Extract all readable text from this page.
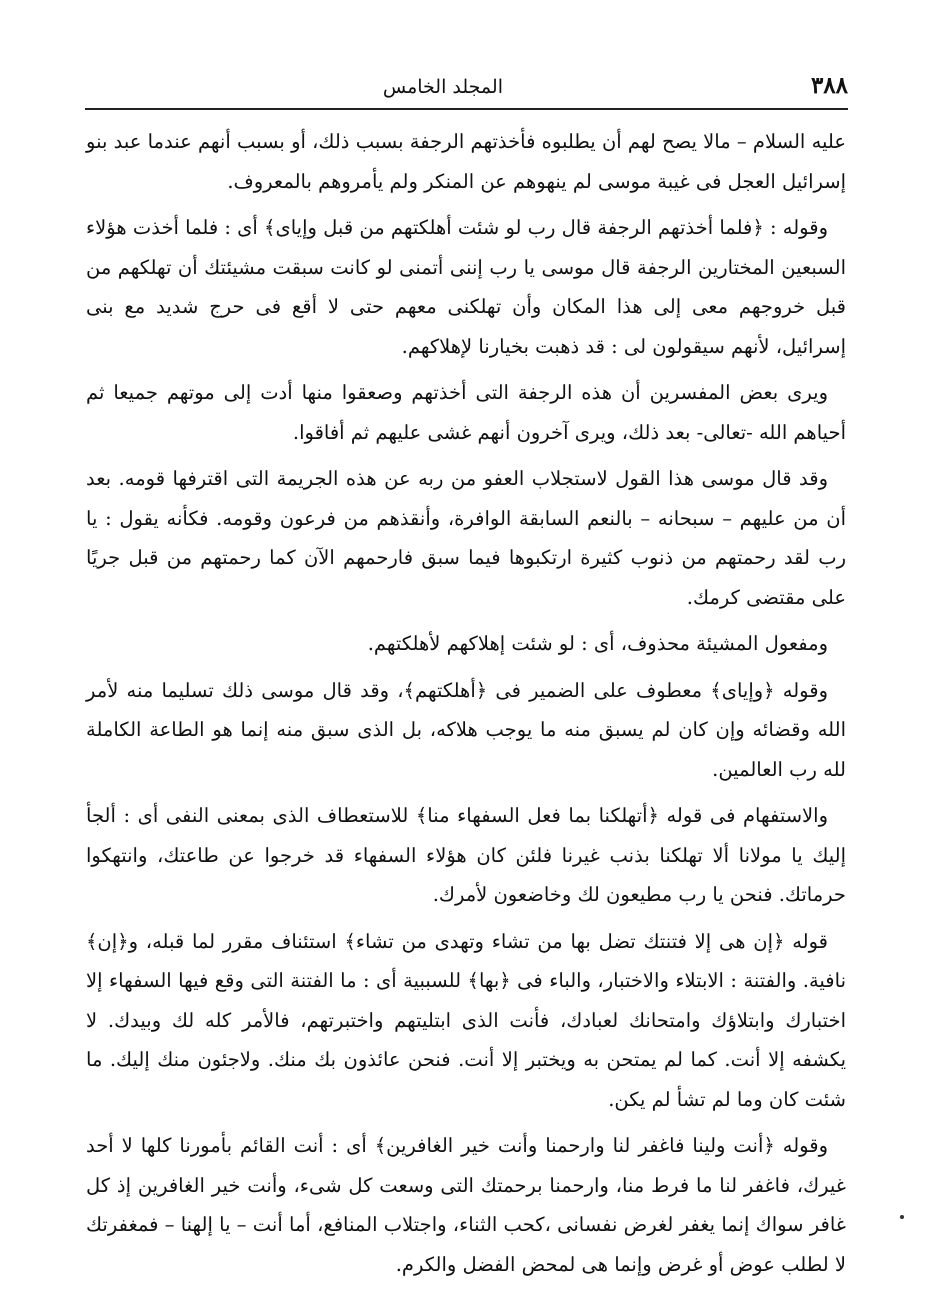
٣٨٨
المجلد الخامس

عليه السلام – مالا يصح لهم أن يطلبوه فأخذتهم الرجفة بسبب ذلك، أو بسبب أنهم عندما عبد بنو إسرائيل العجل فى غيبة موسى لم ينهوهم عن المنكر ولم يأمروهم بالمعروف.

وقوله : ﴿فلما أخذتهم الرجفة قال رب لو شئت أهلكتهم من قبل وإياى﴾ أى : فلما أخذت هؤلاء السبعين المختارين الرجفة قال موسى يا رب إننى أتمنى لو كانت سبقت مشيئتك أن تهلكهم من قبل خروجهم معى إلى هذا المكان وأن تهلكنى معهم حتى لا أقع فى حرج شديد مع بنى إسرائيل، لأنهم سيقولون لى : قد ذهبت بخيارنا لإهلاكهم.

ويرى بعض المفسرين أن هذه الرجفة التى أخذتهم وصعقوا منها أدت إلى موتهم جميعا ثم أحياهم الله -تعالى- بعد ذلك، ويرى آخرون أنهم غشى عليهم ثم أفاقوا.

وقد قال موسى هذا القول لاستجلاب العفو من ربه عن هذه الجريمة التى اقترفها قومه. بعد أن من عليهم – سبحانه – بالنعم السابقة الوافرة، وأنقذهم من فرعون وقومه. فكأنه يقول : يا رب لقد رحمتهم من ذنوب كثيرة ارتكبوها فيما سبق فارحمهم الآن كما رحمتهم من قبل جريًا على مقتضى كرمك.

ومفعول المشيئة محذوف، أى : لو شئت إهلاكهم لأهلكتهم.

وقوله ﴿وإياى﴾ معطوف على الضمير فى ﴿أهلكتهم﴾، وقد قال موسى ذلك تسليما منه لأمر الله وقضائه وإن كان لم يسبق منه ما يوجب هلاكه، بل الذى سبق منه إنما هو الطاعة الكاملة لله رب العالمين.

والاستفهام فى قوله ﴿أتهلكنا بما فعل السفهاء منا﴾ للاستعطاف الذى بمعنى النفى أى : ألجأ إليك يا مولانا ألا تهلكنا بذنب غيرنا فلئن كان هؤلاء السفهاء قد خرجوا عن طاعتك، وانتهكوا حرماتك. فنحن يا رب مطيعون لك وخاضعون لأمرك.

قوله ﴿إن هى إلا فتنتك تضل بها من تشاء وتهدى من تشاء﴾ استئناف مقرر لما قبله، و﴿إن﴾ نافية. والفتنة : الابتلاء والاختبار، والباء فى ﴿بها﴾ للسببية أى : ما الفتنة التى وقع فيها السفهاء إلا اختبارك وابتلاؤك وامتحانك لعبادك، فأنت الذى ابتليتهم واختبرتهم، فالأمر كله لك وبيدك. لا يكشفه إلا أنت. كما لم يمتحن به ويختبر إلا أنت. فنحن عائذون بك منك. ولاجئون منك إليك. ما شئت كان وما لم تشأ لم يكن.

وقوله ﴿أنت ولينا فاغفر لنا وارحمنا وأنت خير الغافرين﴾ أى : أنت القائم بأمورنا كلها لا أحد غيرك، فاغفر لنا ما فرط منا، وارحمنا برحمتك التى وسعت كل شىء، وأنت خير الغافرين إذ كل غافر سواك إنما يغفر لغرض نفسانى ،كحب الثناء، واجتلاب المنافع، أما أنت – يا إلهنا – فمغفرتك لا لطلب عوض أو غرض وإنما هى لمحض الفضل والكرم.
